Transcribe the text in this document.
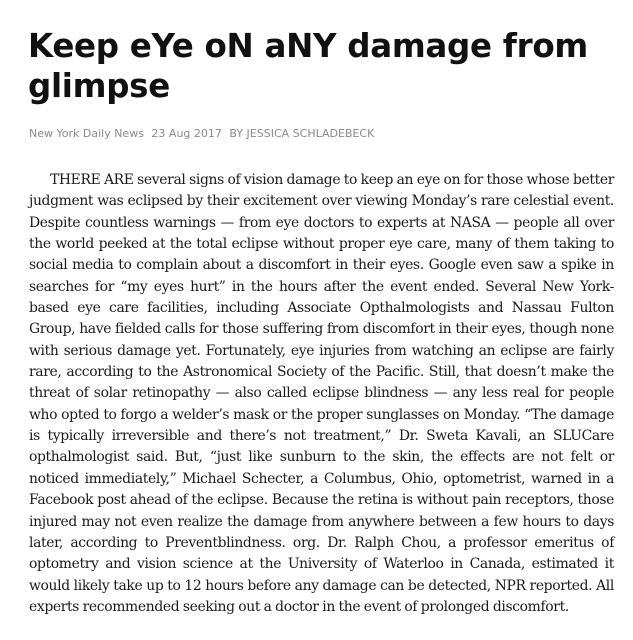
Keep eYe oN aNY damage from glimpse
New York Daily News 23 Aug 2017 BY JESSICA SCHLADEBECK

THERE ARE several signs of vision damage to keep an eye on for those whose better judgment was eclipsed by their excitement over viewing Monday’s rare celestial event. Despite countless warnings — from eye doctors to experts at NASA — people all over the world peeked at the total eclipse without proper eye care, many of them taking to social media to complain about a discomfort in their eyes. Google even saw a spike in searches for “my eyes hurt” in the hours after the event ended. Several New York-based eye care facilities, including Associate Opthalmologists and Nassau Fulton Group, have fielded calls for those suffering from discomfort in their eyes, though none with serious damage yet. Fortunately, eye injuries from watching an eclipse are fairly rare, according to the Astronomical Society of the Pacific. Still, that doesn’t make the threat of solar retinopathy — also called eclipse blindness — any less real for people who opted to forgo a welder’s mask or the proper sunglasses on Monday. “The damage is typically irreversible and there’s not treatment,” Dr. Sweta Kavali, an SLUCare opthalmologist said. But, “just like sunburn to the skin, the effects are not felt or noticed immediately,” Michael Schecter, a Columbus, Ohio, optometrist, warned in a Facebook post ahead of the eclipse. Because the retina is without pain receptors, those injured may not even realize the damage from anywhere between a few hours to days later, according to Preventblindness. org. Dr. Ralph Chou, a professor emeritus of optometry and vision science at the University of Waterloo in Canada, estimated it would likely take up to 12 hours before any damage can be detected, NPR reported. All experts recommended seeking out a doctor in the event of prolonged discomfort.
